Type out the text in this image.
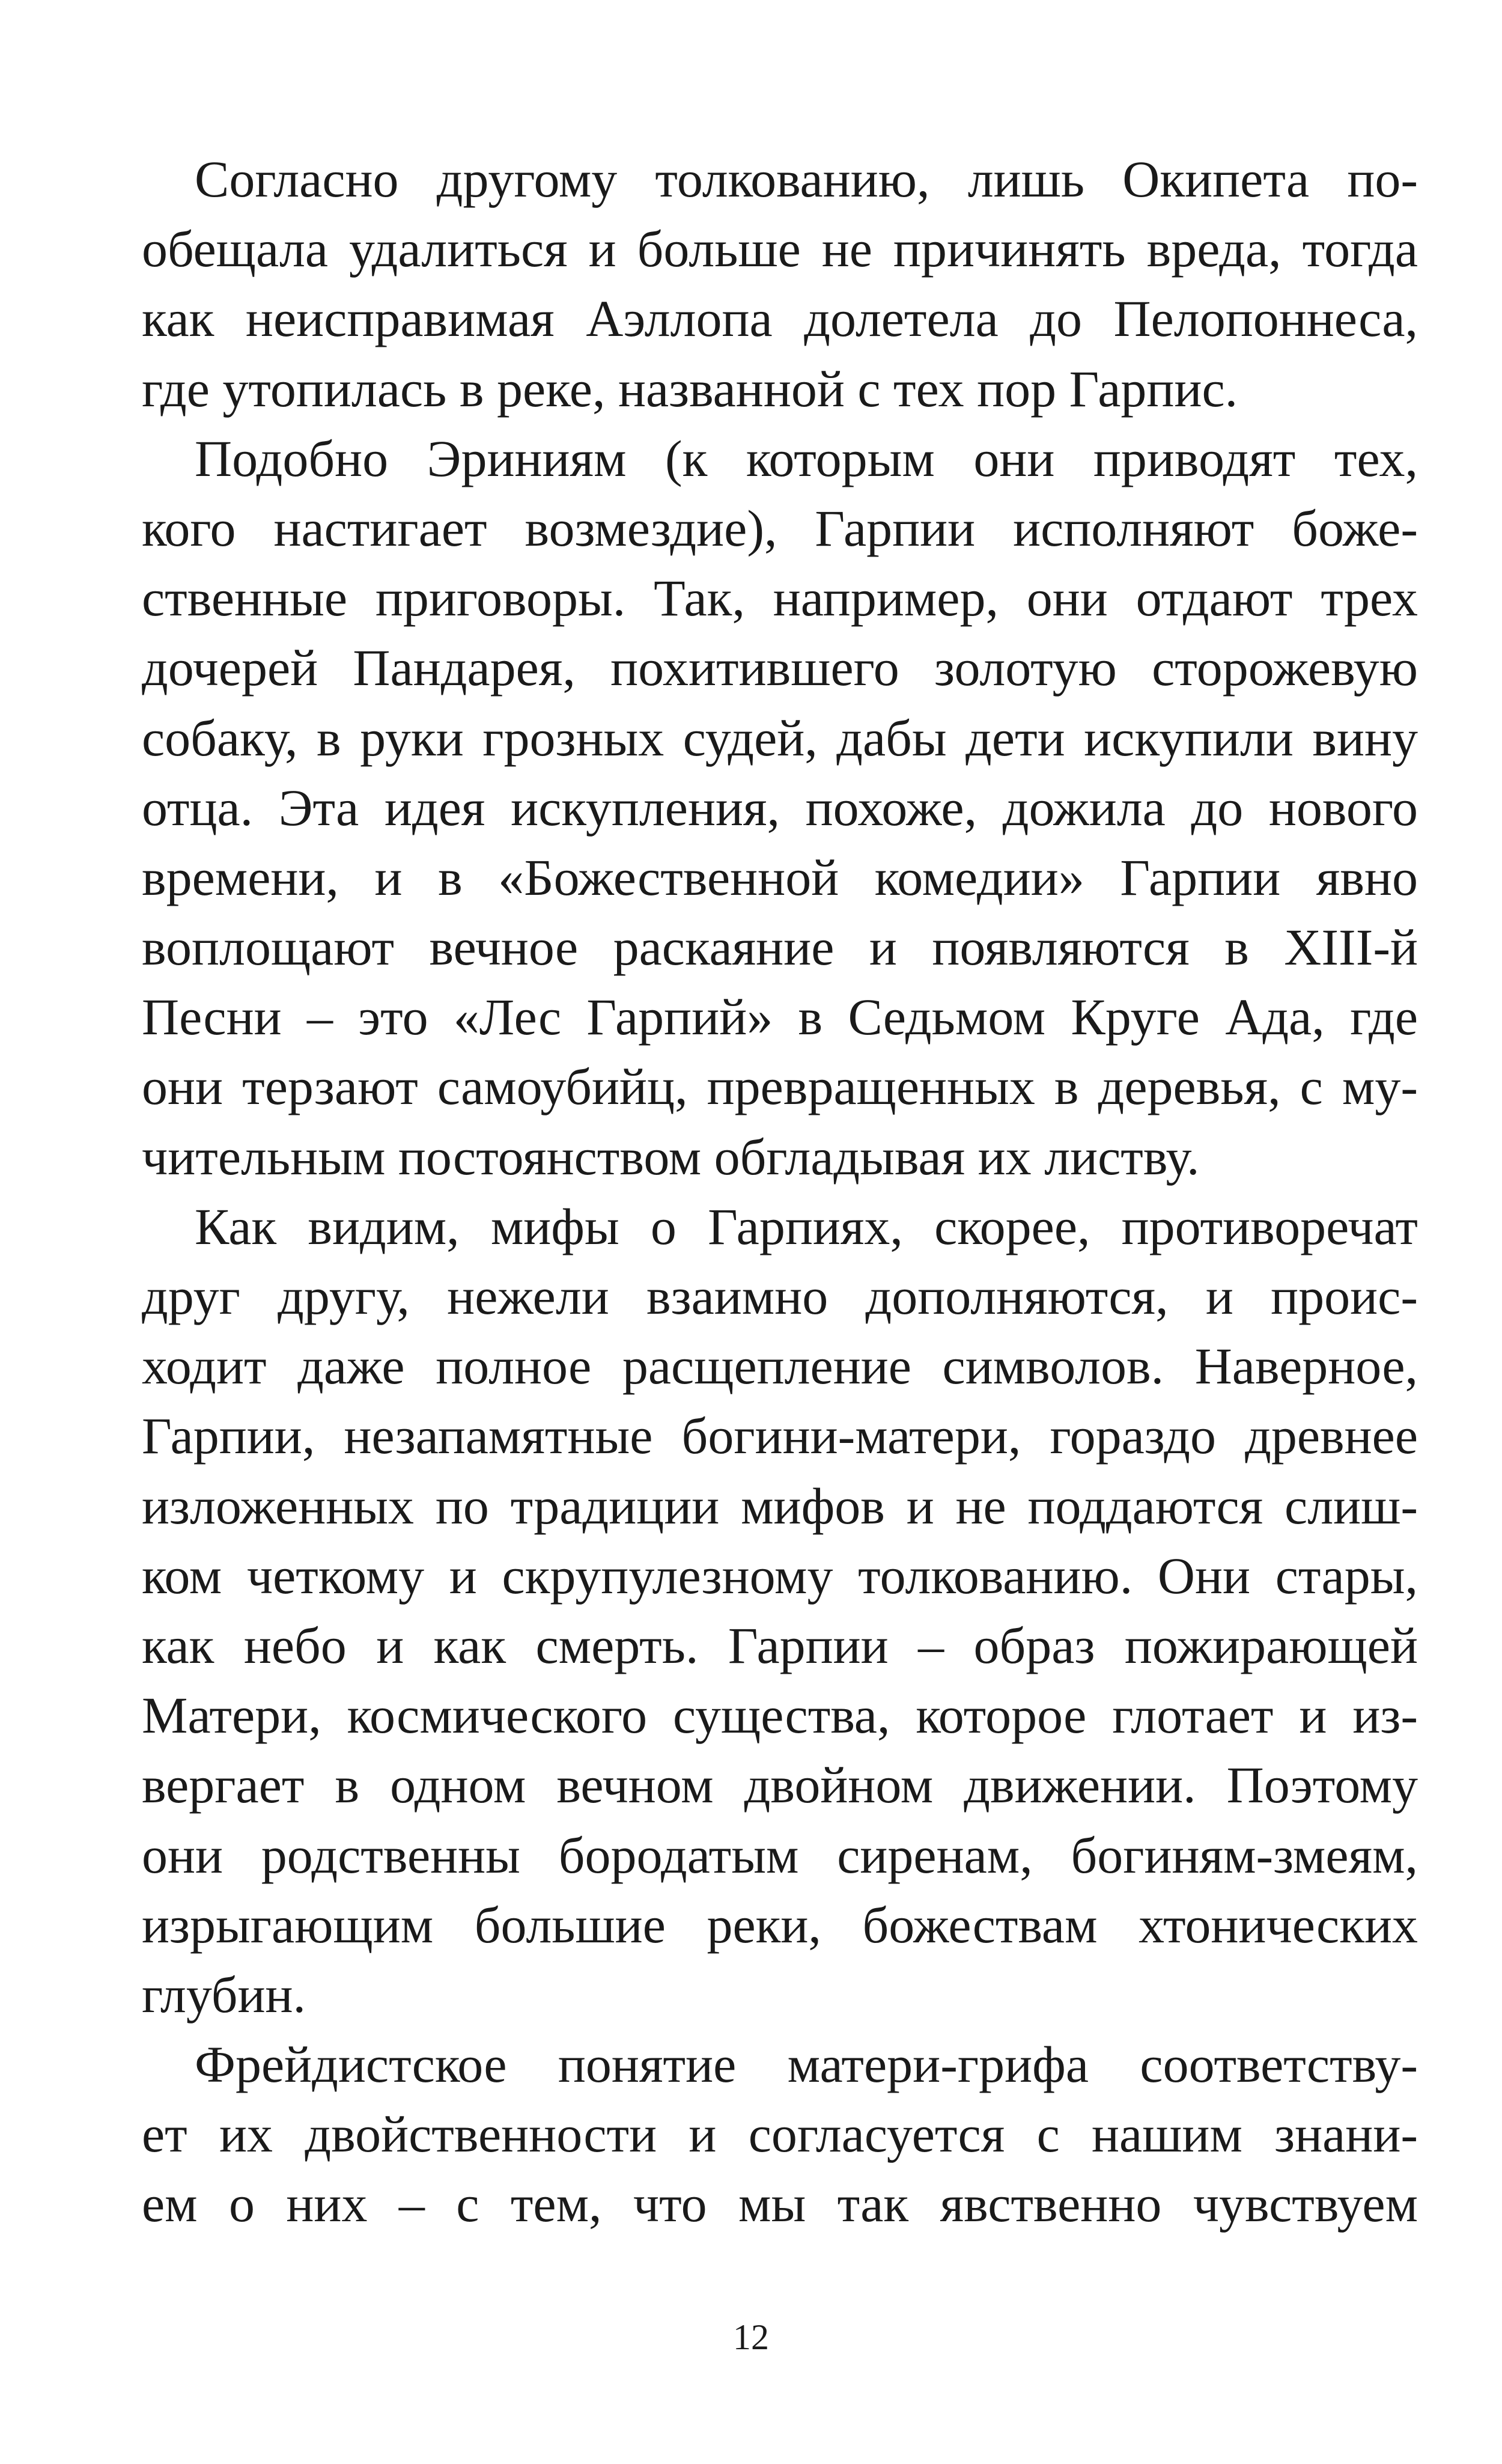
Согласно другому толкованию, лишь Окипета по-
обещала удалиться и больше не причинять вреда, тогда
как неисправимая Аэллопа долетела до Пелопоннеса,
где утопилась в реке, названной с тех пор Гарпис.
Подобно Эриниям (к которым они приводят тех,
кого настигает возмездие), Гарпии исполняют боже-
ственные приговоры. Так, например, они отдают трех
дочерей Пандарея, похитившего золотую сторожевую
собаку, в руки грозных судей, дабы дети искупили вину
отца. Эта идея искупления, похоже, дожила до нового
времени, и в «Божественной комедии» Гарпии явно
воплощают вечное раскаяние и появляются в XIII-й
Песни – это «Лес Гарпий» в Седьмом Круге Ада, где
они терзают самоубийц, превращенных в деревья, с му-
чительным постоянством обгладывая их листву.
Как видим, мифы о Гарпиях, скорее, противоречат
друг другу, нежели взаимно дополняются, и проис-
ходит даже полное расщепление символов. Наверное,
Гарпии, незапамятные богини-матери, гораздо древнее
изложенных по традиции мифов и не поддаются слиш-
ком четкому и скрупулезному толкованию. Они стары,
как небо и как смерть. Гарпии – образ пожирающей
Матери, космического существа, которое глотает и из-
вергает в одном вечном двойном движении. Поэтому
они родственны бородатым сиренам, богиням-змеям,
изрыгающим большие реки, божествам хтонических
глубин.
Фрейдистское понятие матери-грифа соответству-
ет их двойственности и согласуется с нашим знани-
ем о них – с тем, что мы так явственно чувствуем
12
